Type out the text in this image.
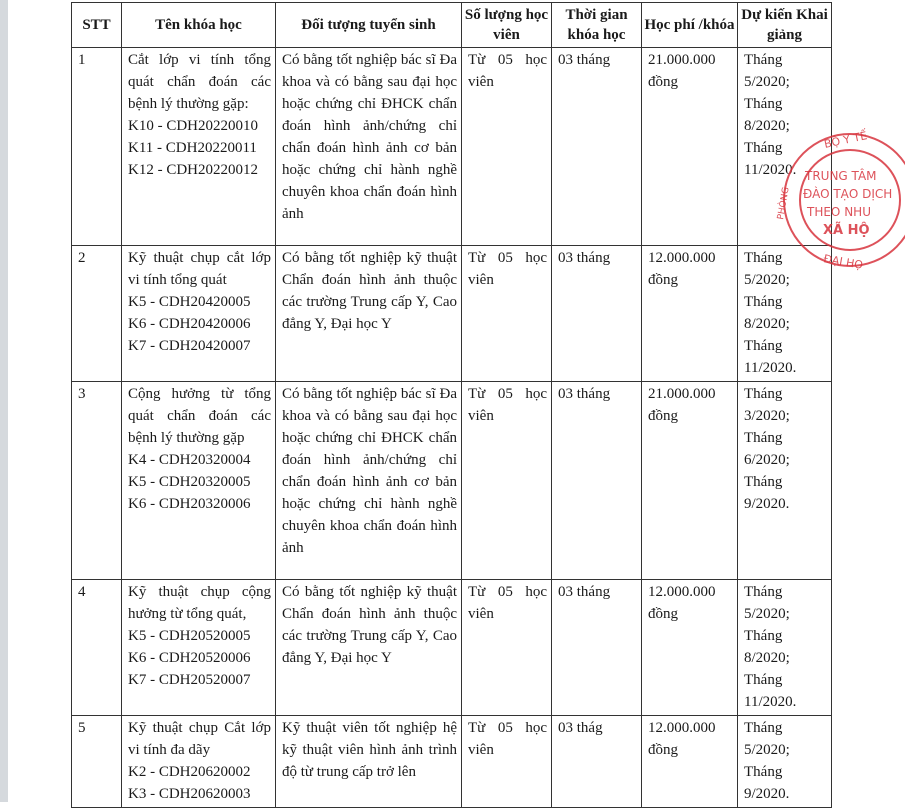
STT	Tên khóa học	Đối tượng tuyển sinh	Số lượng học viên	Thời gian khóa học	Học phí /khóa	Dự kiến Khai giảng
1	Cắt lớp vi tính tổng quát chẩn đoán các bệnh lý thường gặp:
K10 - CDH20220010
K11 - CDH20220011
K12 - CDH20220012	Có bằng tốt nghiệp bác sĩ Đa khoa và có bằng sau đại học hoặc chứng chỉ ĐHCK chẩn đoán hình ảnh/chứng chỉ chẩn đoán hình ảnh cơ bản hoặc chứng chỉ hành nghề chuyên khoa chẩn đoán hình ảnh	Từ 05 học viên	03 tháng	21.000.000 đồng	Tháng 5/2020; Tháng 8/2020; Tháng 11/2020.
2	Kỹ thuật chụp cắt lớp vi tính tổng quát
K5 - CDH20420005
K6 - CDH20420006
K7 - CDH20420007	Có bằng tốt nghiệp kỹ thuật Chẩn đoán hình ảnh thuộc các trường Trung cấp Y, Cao đẳng Y, Đại học Y	Từ 05 học viên	03 tháng	12.000.000 đồng	Tháng 5/2020; Tháng 8/2020; Tháng 11/2020.
3	Cộng hưởng từ tổng quát chẩn đoán các bệnh lý thường gặp
K4 - CDH20320004
K5 - CDH20320005
K6 - CDH20320006	Có bằng tốt nghiệp bác sĩ Đa khoa và có bằng sau đại học hoặc chứng chỉ ĐHCK chẩn đoán hình ảnh/chứng chỉ chẩn đoán hình ảnh cơ bản hoặc chứng chỉ hành nghề chuyên khoa chẩn đoán hình ảnh	Từ 05 học viên	03 tháng	21.000.000 đồng	Tháng 3/2020; Tháng 6/2020; Tháng 9/2020.
4	Kỹ thuật chụp cộng hưởng từ tổng quát,
K5 - CDH20520005
K6 - CDH20520006
K7 - CDH20520007	Có bằng tốt nghiệp kỹ thuật Chẩn đoán hình ảnh thuộc các trường Trung cấp Y, Cao đẳng Y, Đại học Y	Từ 05 học viên	03 tháng	12.000.000 đồng	Tháng 5/2020; Tháng 8/2020; Tháng 11/2020.
5	Kỹ thuật chụp Cắt lớp vi tính đa dãy
K2 - CDH20620002
K3 - CDH20620003	Kỹ thuật viên tốt nghiệp hệ kỹ thuật viên hình ảnh trình độ từ trung cấp trở lên	Từ 05 học viên	03 thág	12.000.000 đồng	Tháng 5/2020; Tháng 9/2020.
BỘ Y TẾ
TRUNG TÂM
ĐÀO TẠO DỊCH
THEO NHU
XÃ HỘ
PHÒNG
ĐẠI HỌ
